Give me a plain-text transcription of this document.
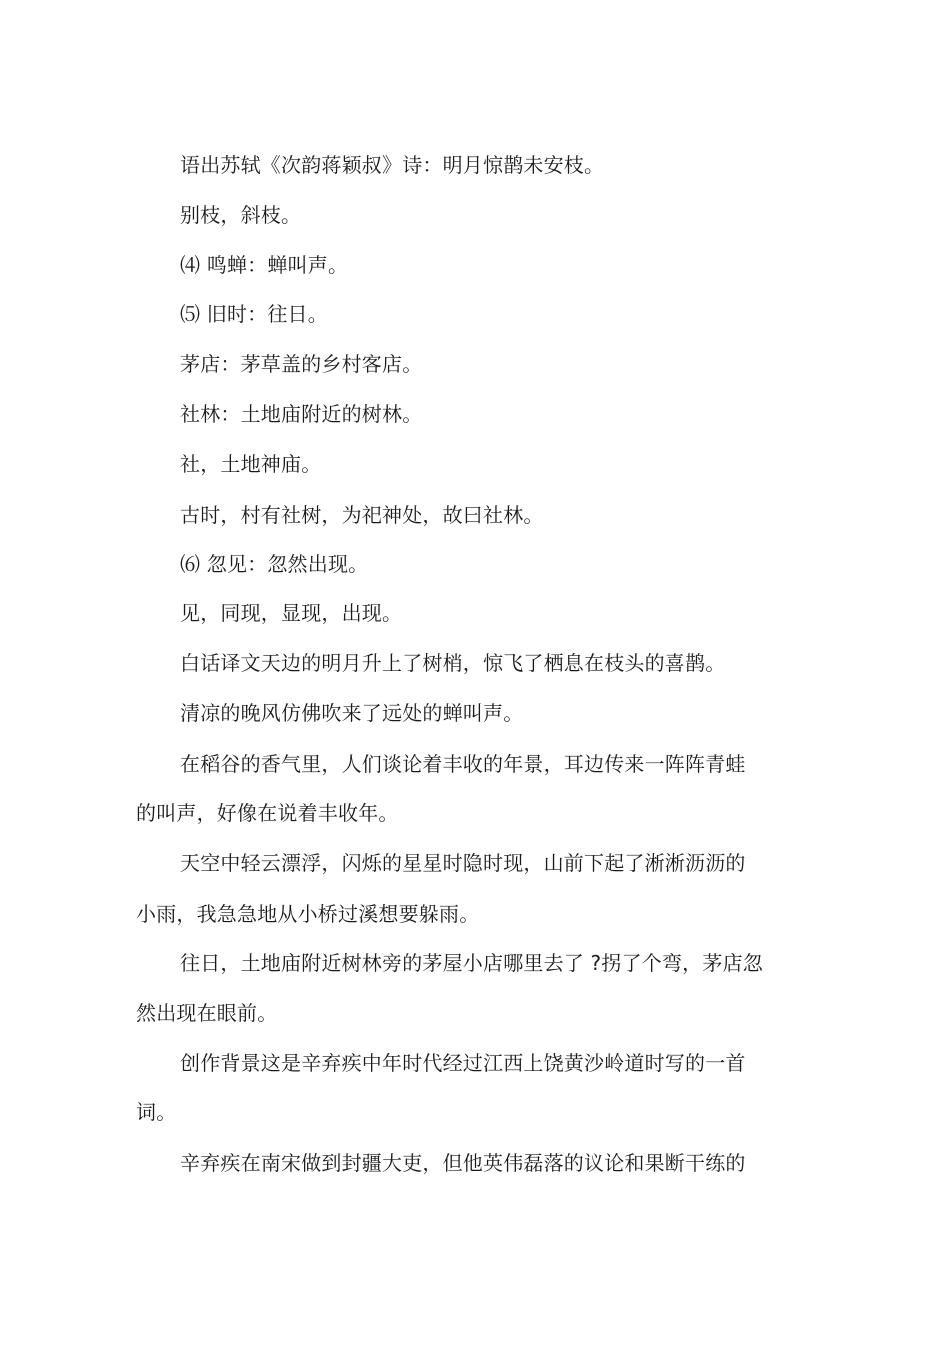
语出苏轼《次韵蒋颖叔》诗：明月惊鹊未安枝。
别枝，斜枝。
⑷ 鸣蝉：蝉叫声。
⑸ 旧时：往日。
茅店：茅草盖的乡村客店。
社林：土地庙附近的树林。
社，土地神庙。
古时，村有社树，为祀神处，故曰社林。
⑹ 忽见：忽然出现。
见，同现，显现，出现。
白话译文天边的明月升上了树梢，惊飞了栖息在枝头的喜鹊。
清凉的晚风仿佛吹来了远处的蝉叫声。
在稻谷的香气里，人们谈论着丰收的年景，耳边传来一阵阵青蛙
的叫声，好像在说着丰收年。
天空中轻云漂浮，闪烁的星星时隐时现，山前下起了淅淅沥沥的
小雨，我急急地从小桥过溪想要躲雨。
往日，土地庙附近树林旁的茅屋小店哪里去了 ?拐了个弯，茅店忽
然出现在眼前。
创作背景这是辛弃疾中年时代经过江西上饶黄沙岭道时写的一首
词。
辛弃疾在南宋做到封疆大吏，但他英伟磊落的议论和果断干练的
